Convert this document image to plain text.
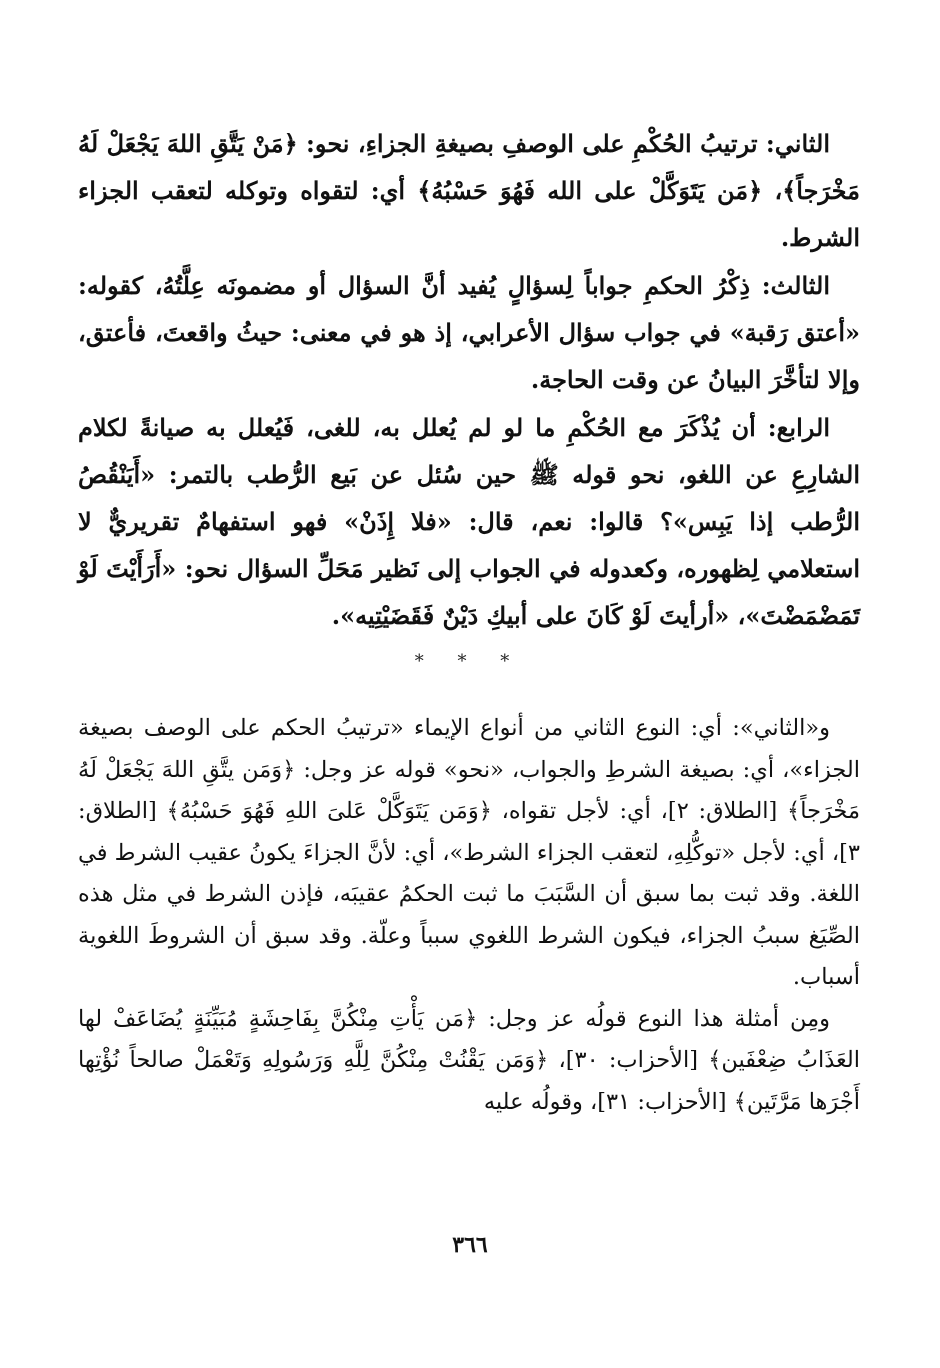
الثاني: ترتيبُ الحُكْمِ على الوصفِ بصيغةِ الجزاءِ، نحو: ﴿مَنْ يَتَّقِ اللهَ يَجْعَلْ لَهُ مَخْرَجاً﴾، ﴿مَن يَتَوَكَّلْ على الله فَهُوَ حَسْبُهُ﴾ أي: لتقواه وتوكله لتعقب الجزاء الشرط.

الثالث: ذِكْرُ الحكمِ جواباً لِسؤالٍ يُفيد أنَّ السؤال أو مضمونَه عِلَّتُهُ، كقوله: «أعتق رَقبة» في جواب سؤال الأعرابي، إذ هو في معنى: حيثُ واقعتَ، فأعتق، وإلا لتأخَّرَ البيانُ عن وقت الحاجة.

الرابع: أن يُذْكَرَ مع الحُكْمِ ما لو لم يُعلل به، للغى، فَيُعلل به صيانةً لكلام الشارِعِ عن اللغو، نحو قوله ﷺ حين سُئل عن بَيع الرُّطب بالتمر: «أَيَنْقُصُ الرُّطب إذا يَبِس»؟ قالوا: نعم، قال: «فلا إِذَنْ» فهو استفهامٌ تقريريٌّ لا استعلامي لِظهوره، وكعدوله في الجواب إلى نَظير مَحَلِّ السؤال نحو: «أَرَأَيْتَ لَوْ تَمَضْمَضْتَ»، «أرأيتَ لَوْ كَانَ على أبيكِ دَيْنٌ فَقَضَيْتِيه».

* * *

و«الثاني»: أي: النوع الثاني من أنواع الإيماء «ترتيبُ الحكم على الوصف بصيغة الجزاء»، أي: بصيغة الشرطِ والجواب، «نحو» قوله عز وجل: ﴿وَمَن يتَّقِ اللهَ يَجْعَلْ لَهُ مَخْرَجاً﴾ [الطلاق: ٢]، أي: لأجل تقواه، ﴿وَمَن يَتَوَكَّلْ عَلىَ اللهِ فَهُوَ حَسْبُهُ﴾ [الطلاق: ٣]، أي: لأجل «توكُّلِهِ، لتعقب الجزاء الشرط»، أي: لأنَّ الجزاءَ يكونُ عقيب الشرط في اللغة. وقد ثبت بما سبق أن السَّبَبَ ما ثبت الحكمُ عقيبَه، فإذن الشرط في مثل هذه الصِّيَغ سببُ الجزاء، فيكون الشرط اللغوي سبباً وعلّة. وقد سبق أن الشروطَ اللغوية أسباب.

ومِن أمثلة هذا النوع قولُه عز وجل: ﴿مَن يَأْتِ مِنْكُنَّ بِفَاحِشَةٍ مُبَيِّنَةٍ يُضَاعَفْ لها العَذَابُ ضِعْفَين﴾ [الأحزاب: ٣٠]، ﴿وَمَن يَقْنُتْ مِنْكُنَّ لِلَّهِ وَرَسُولِهِ وَتَعْمَلْ صالحاً نُؤْتِها أَجْرَها مَرَّتَين﴾ [الأحزاب: ٣١]، وقولُه عليه

٣٦٦
